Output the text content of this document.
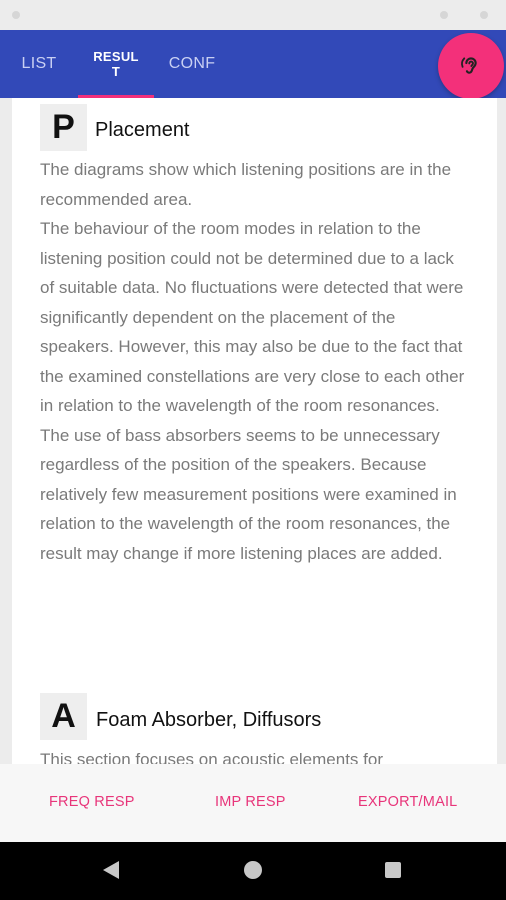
LIST	RESULT	CONF
P	Placement

The diagrams show which listening positions are in the recommended area.

The behaviour of the room modes in relation to the listening position could not be determined due to a lack of suitable data. No fluctuations were detected that were significantly dependent on the placement of the speakers. However, this may also be due to the fact that the examined constellations are very close to each other in relation to the wavelength of the room resonances. The use of bass absorbers seems to be unnecessary regardless of the position of the speakers. Because relatively few measurement positions were examined in relation to the wavelength of the room resonances, the result may change if more listening places are added.

A	Foam Absorber, Diffusors

This section focuses on acoustic elements for

FREQ RESP	IMP RESP	EXPORT/MAIL
